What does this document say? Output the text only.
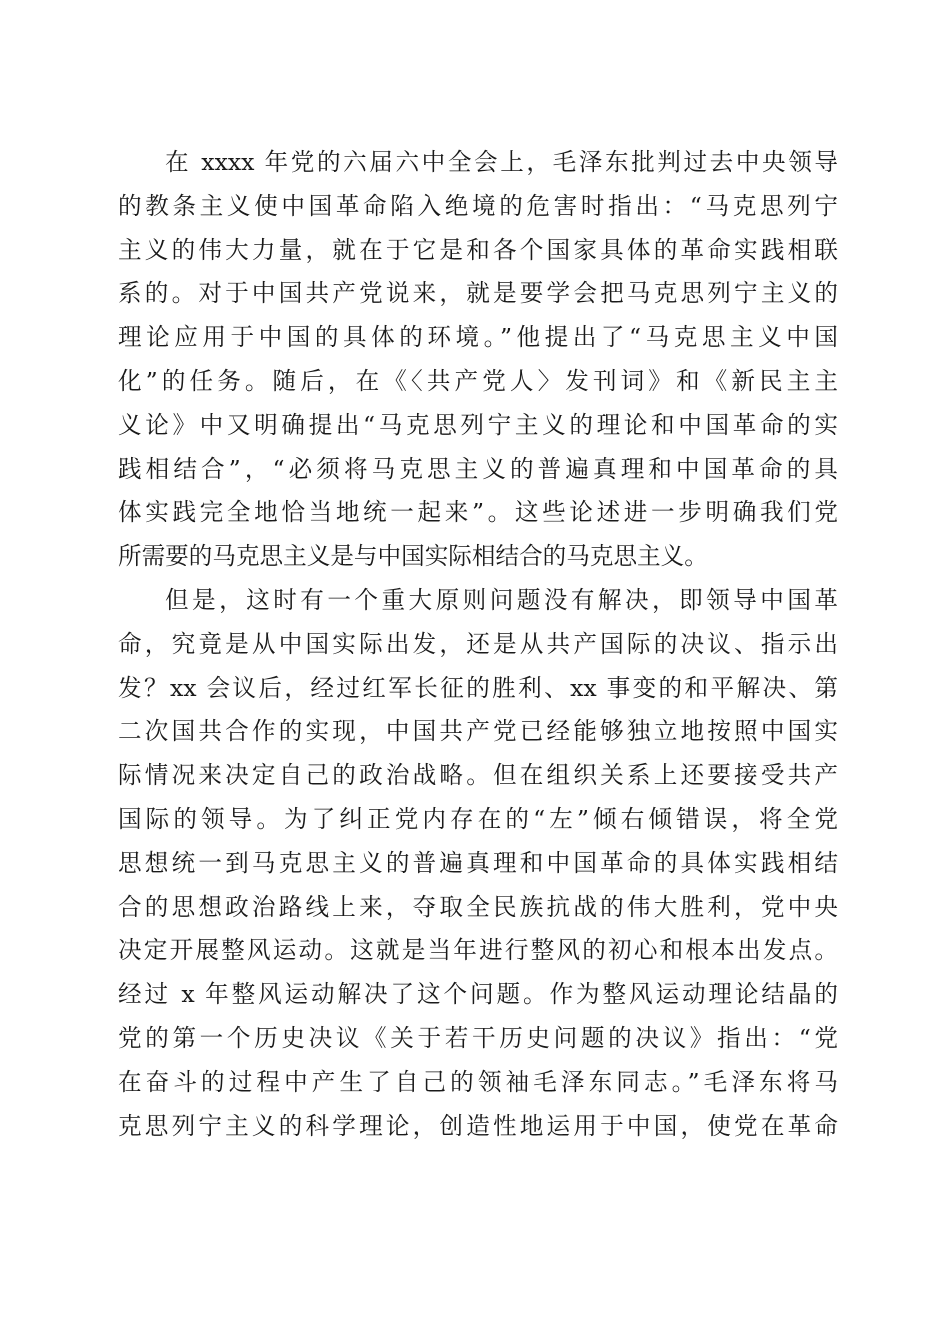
在 xxxx 年党的六届六中全会上，毛泽东批判过去中央领导
的教条主义使中国革命陷入绝境的危害时指出：“马克思列宁
主义的伟大力量，就在于它是和各个国家具体的革命实践相联
系的。对于中国共产党说来，就是要学会把马克思列宁主义的
理论应用于中国的具体的环境。”他提出了“马克思主义中国
化”的任务。随后，在《〈共产党人〉发刊词》和《新民主主
义论》中又明确提出“马克思列宁主义的理论和中国革命的实
践相结合”，“必须将马克思主义的普遍真理和中国革命的具
体实践完全地恰当地统一起来”。这些论述进一步明确我们党
所需要的马克思主义是与中国实际相结合的马克思主义。
但是，这时有一个重大原则问题没有解决，即领导中国革
命，究竟是从中国实际出发，还是从共产国际的决议、指示出
发？xx 会议后，经过红军长征的胜利、xx 事变的和平解决、第
二次国共合作的实现，中国共产党已经能够独立地按照中国实
际情况来决定自己的政治战略。但在组织关系上还要接受共产
国际的领导。为了纠正党内存在的“左”倾右倾错误，将全党
思想统一到马克思主义的普遍真理和中国革命的具体实践相结
合的思想政治路线上来，夺取全民族抗战的伟大胜利，党中央
决定开展整风运动。这就是当年进行整风的初心和根本出发点。
经过 x 年整风运动解决了这个问题。作为整风运动理论结晶的
党的第一个历史决议《关于若干历史问题的决议》指出：“党
在奋斗的过程中产生了自己的领袖毛泽东同志。”毛泽东将马
克思列宁主义的科学理论，创造性地运用于中国，使党在革命
